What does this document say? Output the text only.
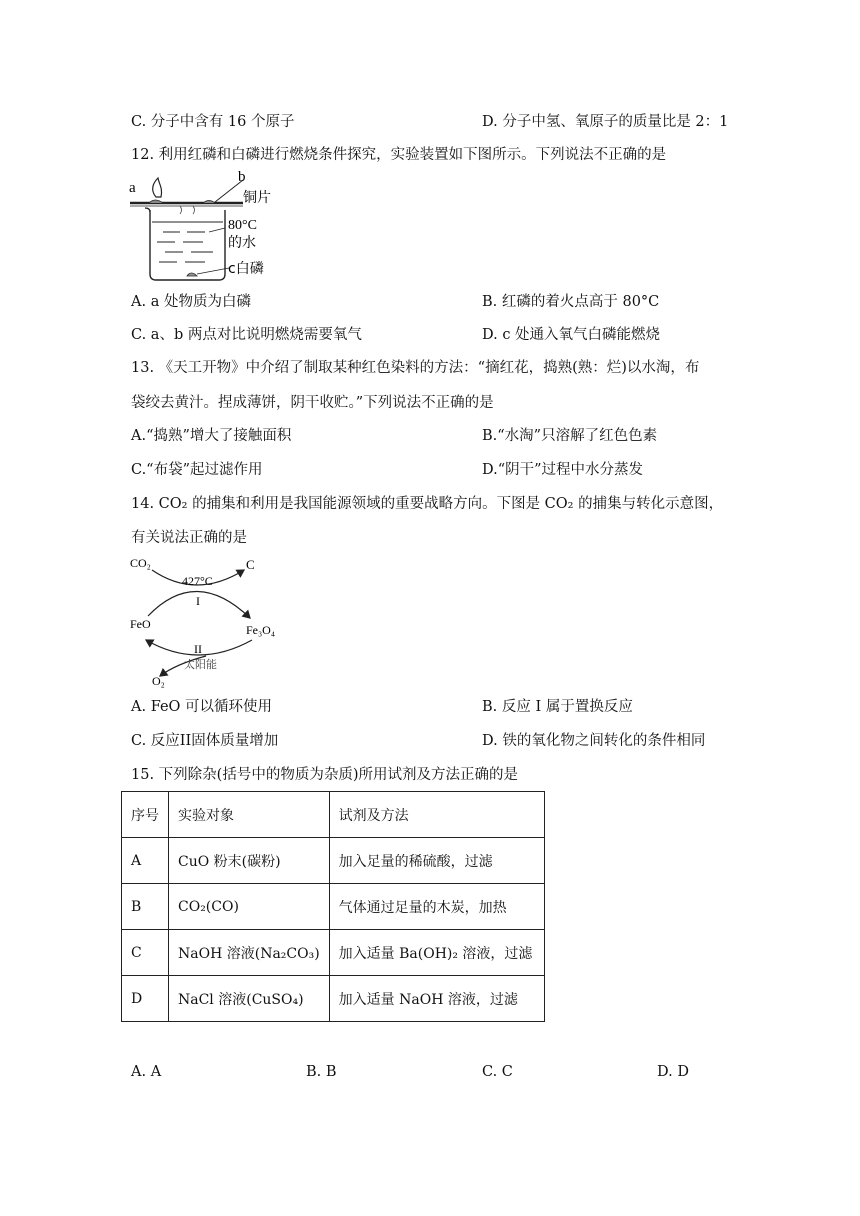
C. 分子中含有 16 个原子	D. 分子中氢、氧原子的质量比是 2：1
12. 利用红磷和白磷进行燃烧条件探究，实验装置如下图所示。下列说法不正确的是
a
b
铜片
80°C
的水
c白磷
A. a 处物质为白磷	B. 红磷的着火点高于 80°C
C. a、b 两点对比说明燃烧需要氧气	D. c 处通入氧气白磷能燃烧
13. 《天工开物》中介绍了制取某种红色染料的方法：“摘红花，捣熟(熟：烂)以水淘，布
袋绞去黄汁。捏成薄饼，阴干收贮。”下列说法不正确的是
A.“捣熟”增大了接触面积	B.“水淘”只溶解了红色色素
C.“布袋”起过滤作用	D.“阴干”过程中水分蒸发
14. CO₂ 的捕集和利用是我国能源领域的重要战略方向。下图是 CO₂ 的捕集与转化示意图，
有关说法正确的是
CO₂	C
427°C
I
FeO	Fe₃O₄
II
太阳能
O₂
A. FeO 可以循环使用	B. 反应 I 属于置换反应
C. 反应II固体质量增加	D. 铁的氧化物之间转化的条件相同
15. 下列除杂(括号中的物质为杂质)所用试剂及方法正确的是
序号	实验对象	试剂及方法
A	CuO 粉末(碳粉)	加入足量的稀硫酸，过滤
B	CO₂(CO)	气体通过足量的木炭，加热
C	NaOH 溶液(Na₂CO₃)	加入适量 Ba(OH)₂ 溶液，过滤
D	NaCl 溶液(CuSO₄)	加入适量 NaOH 溶液，过滤
A. A	B. B	C. C	D. D
